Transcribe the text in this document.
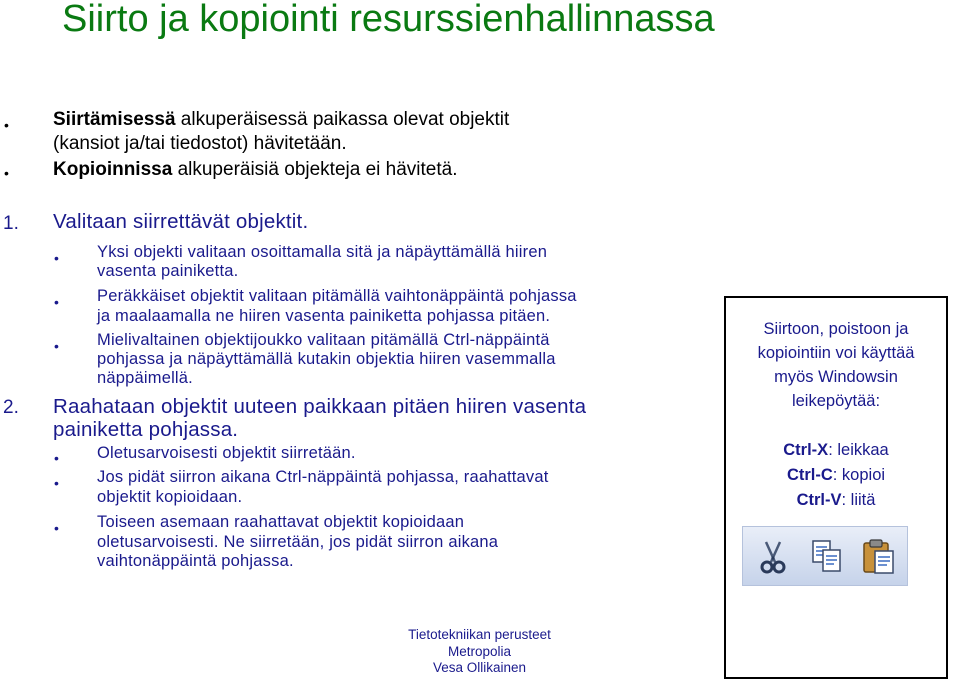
Siirto ja kopiointi resurssienhallinnassa
• Siirtämisessä alkuperäisessä paikassa olevat objektit
(kansiot ja/tai tiedostot) hävitetään.
• Kopioinnissa alkuperäisiä objekteja ei hävitetä.
1. Valitaan siirrettävät objektit.
• Yksi objekti valitaan osoittamalla sitä ja näpäyttämällä hiiren
vasenta painiketta.
• Peräkkäiset objektit valitaan pitämällä vaihtonäppäintä pohjassa
ja maalaamalla ne hiiren vasenta painiketta pohjassa pitäen.
• Mielivaltainen objektijoukko valitaan pitämällä Ctrl-näppäintä
pohjassa ja näpäyttämällä kutakin objektia hiiren vasemmalla
näppäimellä.
2. Raahataan objektit uuteen paikkaan pitäen hiiren vasenta
painiketta pohjassa.
• Oletusarvoisesti objektit siirretään.
• Jos pidät siirron aikana Ctrl-näppäintä pohjassa, raahattavat
objektit kopioidaan.
• Toiseen asemaan raahattavat objektit kopioidaan
oletusarvoisesti. Ne siirretään, jos pidät siirron aikana
vaihtonäppäintä pohjassa.
Siirtoon, poistoon ja
kopiointiin voi käyttää
myös Windowsin
leikepöytää:
Ctrl-X: leikkaa
Ctrl-C: kopioi
Ctrl-V: liitä
Tietotekniikan perusteet
Metropolia
Vesa Ollikainen
